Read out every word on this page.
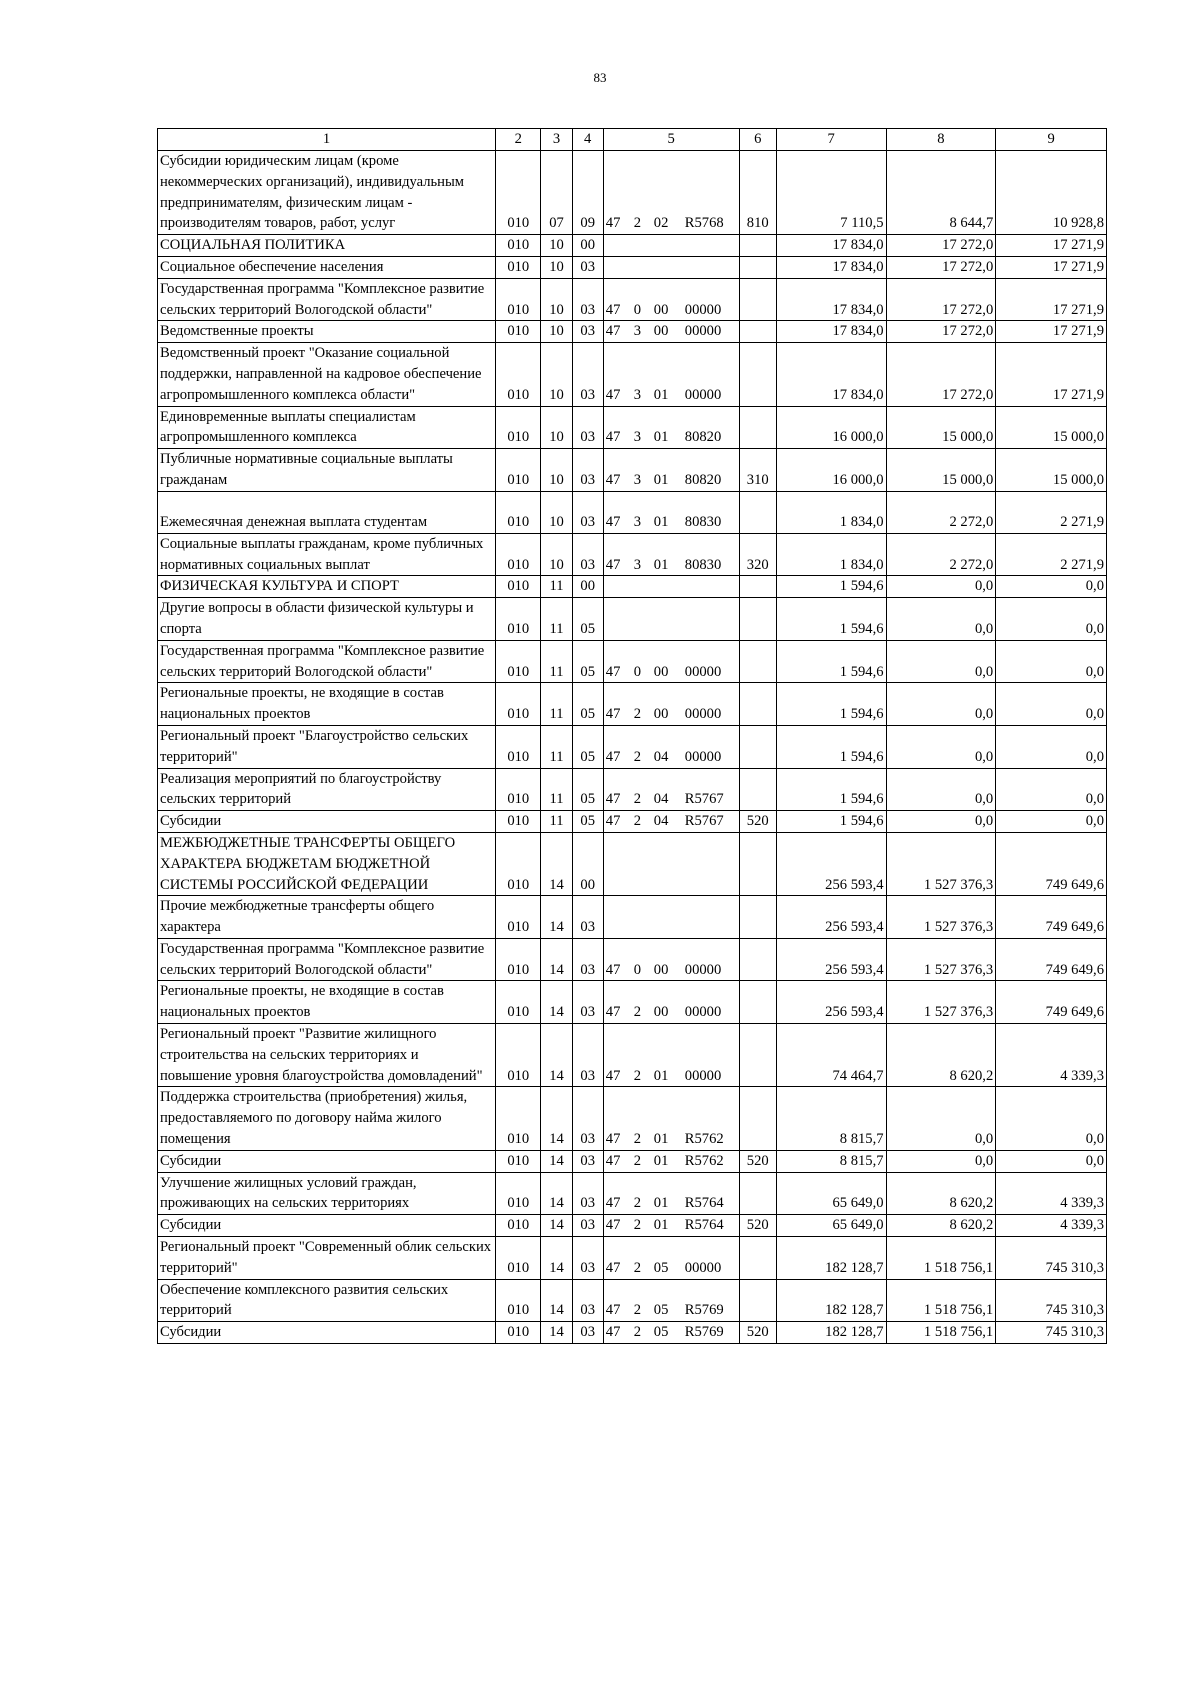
83
1	2	3	4	5	6	7	8	9
Субсидии юридическим лицам (кроме некоммерческих организаций), индивидуальным предпринимателям, физическим лицам - производителям товаров, работ, услуг	010	07	09	47 2 02 R5768	810	7 110,5	8 644,7	10 928,8
СОЦИАЛЬНАЯ ПОЛИТИКА	010	10	00			17 834,0	17 272,0	17 271,9
Социальное обеспечение населения	010	10	03			17 834,0	17 272,0	17 271,9
Государственная программа "Комплексное развитие сельских территорий Вологодской области"	010	10	03	47 0 00 00000		17 834,0	17 272,0	17 271,9
Ведомственные проекты	010	10	03	47 3 00 00000		17 834,0	17 272,0	17 271,9
Ведомственный проект "Оказание социальной поддержки, направленной на кадровое обеспечение агропромышленного комплекса области"	010	10	03	47 3 01 00000		17 834,0	17 272,0	17 271,9
Единовременные выплаты специалистам агропромышленного комплекса	010	10	03	47 3 01 80820		16 000,0	15 000,0	15 000,0
Публичные нормативные социальные выплаты гражданам	010	10	03	47 3 01 80820	310	16 000,0	15 000,0	15 000,0
Ежемесячная денежная выплата студентам	010	10	03	47 3 01 80830		1 834,0	2 272,0	2 271,9
Социальные выплаты гражданам, кроме публичных нормативных социальных выплат	010	10	03	47 3 01 80830	320	1 834,0	2 272,0	2 271,9
ФИЗИЧЕСКАЯ КУЛЬТУРА И СПОРТ	010	11	00			1 594,6	0,0	0,0
Другие вопросы в области физической культуры и спорта	010	11	05			1 594,6	0,0	0,0
Государственная программа "Комплексное развитие сельских территорий Вологодской области"	010	11	05	47 0 00 00000		1 594,6	0,0	0,0
Региональные проекты, не входящие в состав национальных проектов	010	11	05	47 2 00 00000		1 594,6	0,0	0,0
Региональный проект "Благоустройство сельских территорий"	010	11	05	47 2 04 00000		1 594,6	0,0	0,0
Реализация мероприятий по благоустройству сельских территорий	010	11	05	47 2 04 R5767		1 594,6	0,0	0,0
Субсидии	010	11	05	47 2 04 R5767	520	1 594,6	0,0	0,0
МЕЖБЮДЖЕТНЫЕ ТРАНСФЕРТЫ ОБЩЕГО ХАРАКТЕРА БЮДЖЕТАМ БЮДЖЕТНОЙ СИСТЕМЫ РОССИЙСКОЙ ФЕДЕРАЦИИ	010	14	00			256 593,4	1 527 376,3	749 649,6
Прочие межбюджетные трансферты общего характера	010	14	03			256 593,4	1 527 376,3	749 649,6
Государственная программа "Комплексное развитие сельских территорий Вологодской области"	010	14	03	47 0 00 00000		256 593,4	1 527 376,3	749 649,6
Региональные проекты, не входящие в состав национальных проектов	010	14	03	47 2 00 00000		256 593,4	1 527 376,3	749 649,6
Региональный проект "Развитие жилищного строительства на сельских территориях и повышение уровня благоустройства домовладений"	010	14	03	47 2 01 00000		74 464,7	8 620,2	4 339,3
Поддержка строительства (приобретения) жилья, предоставляемого по договору найма жилого помещения	010	14	03	47 2 01 R5762		8 815,7	0,0	0,0
Субсидии	010	14	03	47 2 01 R5762	520	8 815,7	0,0	0,0
Улучшение жилищных условий граждан, проживающих на сельских территориях	010	14	03	47 2 01 R5764		65 649,0	8 620,2	4 339,3
Субсидии	010	14	03	47 2 01 R5764	520	65 649,0	8 620,2	4 339,3
Региональный проект "Современный облик сельских территорий"	010	14	03	47 2 05 00000		182 128,7	1 518 756,1	745 310,3
Обеспечение комплексного развития сельских территорий	010	14	03	47 2 05 R5769		182 128,7	1 518 756,1	745 310,3
Субсидии	010	14	03	47 2 05 R5769	520	182 128,7	1 518 756,1	745 310,3
